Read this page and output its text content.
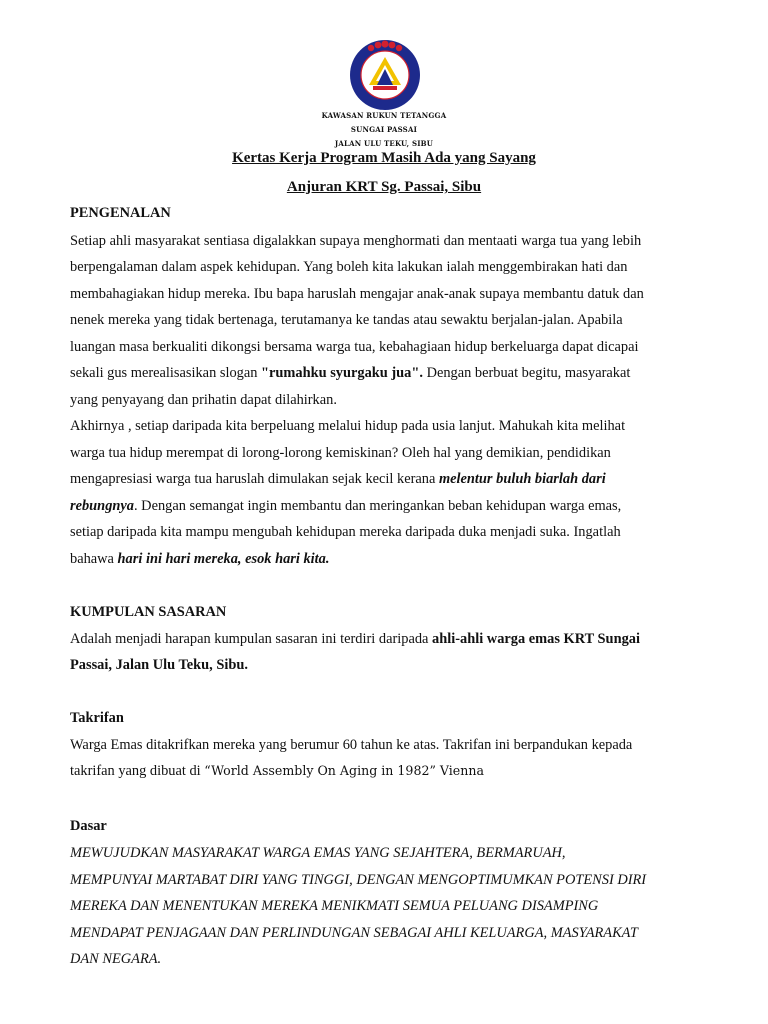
KAWASAN RUKUN TETANGGA
SUNGAI PASSAI
JALAN ULU TEKU, SIBU
Kertas Kerja Program Masih Ada yang Sayang
Anjuran KRT Sg. Passai, Sibu
PENGENALAN
Setiap ahli masyarakat sentiasa digalakkan supaya menghormati dan mentaati warga tua yang lebih
berpengalaman dalam aspek kehidupan. Yang boleh kita lakukan ialah menggembirakan hati dan
membahagiakan hidup mereka. Ibu bapa haruslah mengajar anak-anak supaya membantu datuk dan
nenek mereka yang tidak bertenaga, terutamanya ke tandas atau sewaktu berjalan-jalan. Apabila
luangan masa berkualiti dikongsi bersama warga tua, kebahagiaan hidup berkeluarga dapat dicapai
sekali gus merealisasikan slogan "rumahku syurgaku jua". Dengan berbuat begitu, masyarakat
yang penyayang dan prihatin dapat dilahirkan.
Akhirnya , setiap daripada kita berpeluang melalui hidup pada usia lanjut. Mahukah kita melihat
warga tua hidup merempat di lorong-lorong kemiskinan? Oleh hal yang demikian, pendidikan
mengapresiasi warga tua haruslah dimulakan sejak kecil kerana melentur buluh biarlah dari
rebungnya. Dengan semangat ingin membantu dan meringankan beban kehidupan warga emas,
setiap daripada kita mampu mengubah kehidupan mereka daripada duka menjadi suka. Ingatlah
bahawa hari ini hari mereka, esok hari kita.
KUMPULAN SASARAN
Adalah menjadi harapan kumpulan sasaran ini terdiri daripada ahli-ahli warga emas KRT Sungai
Passai, Jalan Ulu Teku, Sibu.
Takrifan
Warga Emas ditakrifkan mereka yang berumur 60 tahun ke atas. Takrifan ini berpandukan kepada
takrifan yang dibuat di “World Assembly On Aging in 1982” Vienna
Dasar
MEWUJUDKAN MASYARAKAT WARGA EMAS YANG SEJAHTERA, BERMARUAH,
MEMPUNYAI MARTABAT DIRI YANG TINGGI, DENGAN MENGOPTIMUMKAN POTENSI DIRI
MEREKA DAN MENENTUKAN MEREKA MENIKMATI SEMUA PELUANG DISAMPING
MENDAPAT PENJAGAAN DAN PERLINDUNGAN SEBAGAI AHLI KELUARGA, MASYARAKAT
DAN NEGARA.
